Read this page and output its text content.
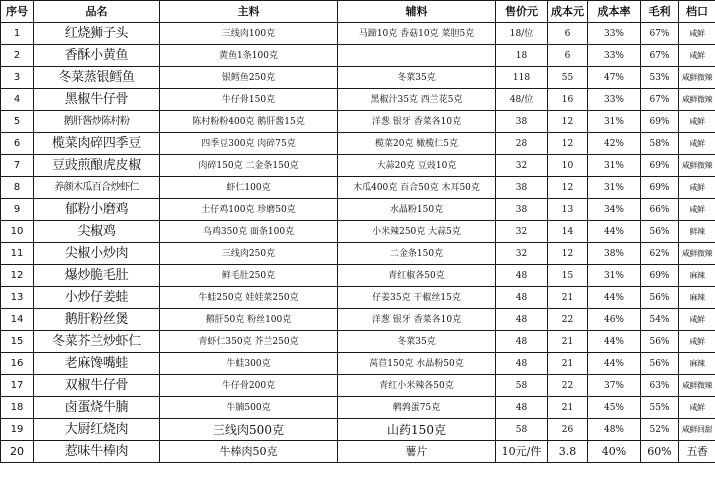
序号	品名	主料	辅料	售价元	成本元	成本率	毛利	档口
1	红烧狮子头	三线肉100克	马蹄10克 香菇10克 菜胆5克	18/位	6	33%	67%	咸鲜
2	香酥小黄鱼	黄鱼1条100克		18	6	33%	67%	咸鲜
3	冬菜蒸银鳕鱼	银鳕鱼250克	冬菜35克	118	55	47%	53%	咸鲜微辣
4	黑椒牛仔骨	牛仔骨150克	黑椒汁35克 西兰花5克	48/位	16	33%	67%	咸鲜微辣
5	鹅肝酱炒陈村粉	陈村粉粉400克 鹅肝酱15克	洋葱 银牙 香菜各10克	38	12	31%	69%	咸鲜
6	榄菜肉碎四季豆	四季豆300克 肉碎75克	榄菜20克 橄榄仁5克	28	12	42%	58%	咸鲜
7	豆豉煎酿虎皮椒	肉碎150克 二金条150克	大蒜20克 豆豉10克	32	10	31%	69%	咸鲜微辣
8	养颜木瓜百合炒虾仁	虾仁100克	木瓜400克 百合50克 木耳50克	38	12	31%	69%	咸鲜
9	郁粉小磨鸡	土仔鸡100克 珍磨50克	水晶粉150克	38	13	34%	66%	咸鲜
10	尖椒鸡	乌鸡350克 面条100克	小米辣250克 大蒜5克	32	14	44%	56%	鲜辣
11	尖椒小炒肉	三线肉250克	二金条150克	32	12	38%	62%	咸鲜微辣
12	爆炒脆毛肚	鲜毛肚250克	青红椒各50克	48	15	31%	69%	麻辣
13	小炒仔姜蛙	牛蛙250克 娃娃菜250克	仔姜35克 干椒丝15克	48	21	44%	56%	麻辣
14	鹅肝粉丝煲	鹅肝50克 粉丝100克	洋葱 银牙 香菜各10克	48	22	46%	54%	咸鲜
15	冬菜芥兰炒虾仁	青虾仁350克 芥兰250克	冬菜35克	48	21	44%	56%	咸鲜
16	老麻馋嘴蛙	牛蛙300克	莴苣150克 水晶粉50克	48	21	44%	56%	麻辣
17	双椒牛仔骨	牛仔骨200克	青红小米辣各50克	58	22	37%	63%	咸鲜微辣
18	卤蛋烧牛腩	牛腩500克	鹌鹑蛋75克	48	21	45%	55%	咸鲜
19	大厨红烧肉	三线肉500克	山药150克	58	26	48%	52%	咸鲜回甜
20	惹味牛棒肉	牛棒肉50克	薯片	10元/件	3.8	40%	60%	五香
